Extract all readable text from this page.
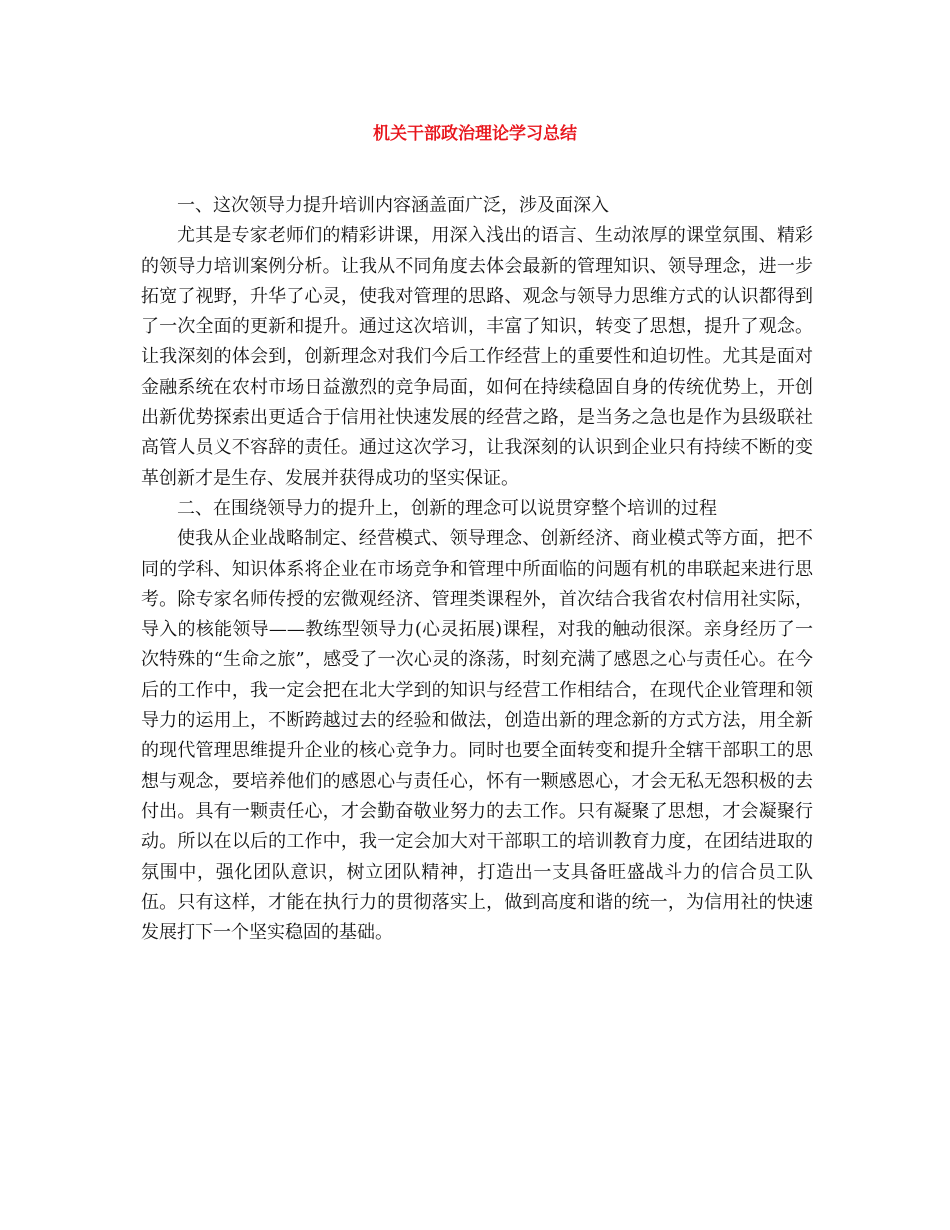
机关干部政治理论学习总结

一、这次领导力提升培训内容涵盖面广泛，涉及面深入

尤其是专家老师们的精彩讲课，用深入浅出的语言、生动浓厚的课堂氛围、精彩的领导力培训案例分析。让我从不同角度去体会最新的管理知识、领导理念，进一步拓宽了视野，升华了心灵，使我对管理的思路、观念与领导力思维方式的认识都得到了一次全面的更新和提升。通过这次培训，丰富了知识，转变了思想，提升了观念。让我深刻的体会到，创新理念对我们今后工作经营上的重要性和迫切性。尤其是面对金融系统在农村市场日益激烈的竞争局面，如何在持续稳固自身的传统优势上，开创出新优势探索出更适合于信用社快速发展的经营之路，是当务之急也是作为县级联社高管人员义不容辞的责任。通过这次学习，让我深刻的认识到企业只有持续不断的变革创新才是生存、发展并获得成功的坚实保证。

二、在围绕领导力的提升上，创新的理念可以说贯穿整个培训的过程

使我从企业战略制定、经营模式、领导理念、创新经济、商业模式等方面，把不同的学科、知识体系将企业在市场竞争和管理中所面临的问题有机的串联起来进行思考。除专家名师传授的宏微观经济、管理类课程外，首次结合我省农村信用社实际，导入的核能领导——教练型领导力(心灵拓展)课程，对我的触动很深。亲身经历了一次特殊的“生命之旅”，感受了一次心灵的涤荡，时刻充满了感恩之心与责任心。在今后的工作中，我一定会把在北大学到的知识与经营工作相结合，在现代企业管理和领导力的运用上，不断跨越过去的经验和做法，创造出新的理念新的方式方法，用全新的现代管理思维提升企业的核心竞争力。同时也要全面转变和提升全辖干部职工的思想与观念，要培养他们的感恩心与责任心，怀有一颗感恩心，才会无私无怨积极的去付出。具有一颗责任心，才会勤奋敬业努力的去工作。只有凝聚了思想，才会凝聚行动。所以在以后的工作中，我一定会加大对干部职工的培训教育力度，在团结进取的氛围中，强化团队意识，树立团队精神，打造出一支具备旺盛战斗力的信合员工队伍。只有这样，才能在执行力的贯彻落实上，做到高度和谐的统一，为信用社的快速发展打下一个坚实稳固的基础。
